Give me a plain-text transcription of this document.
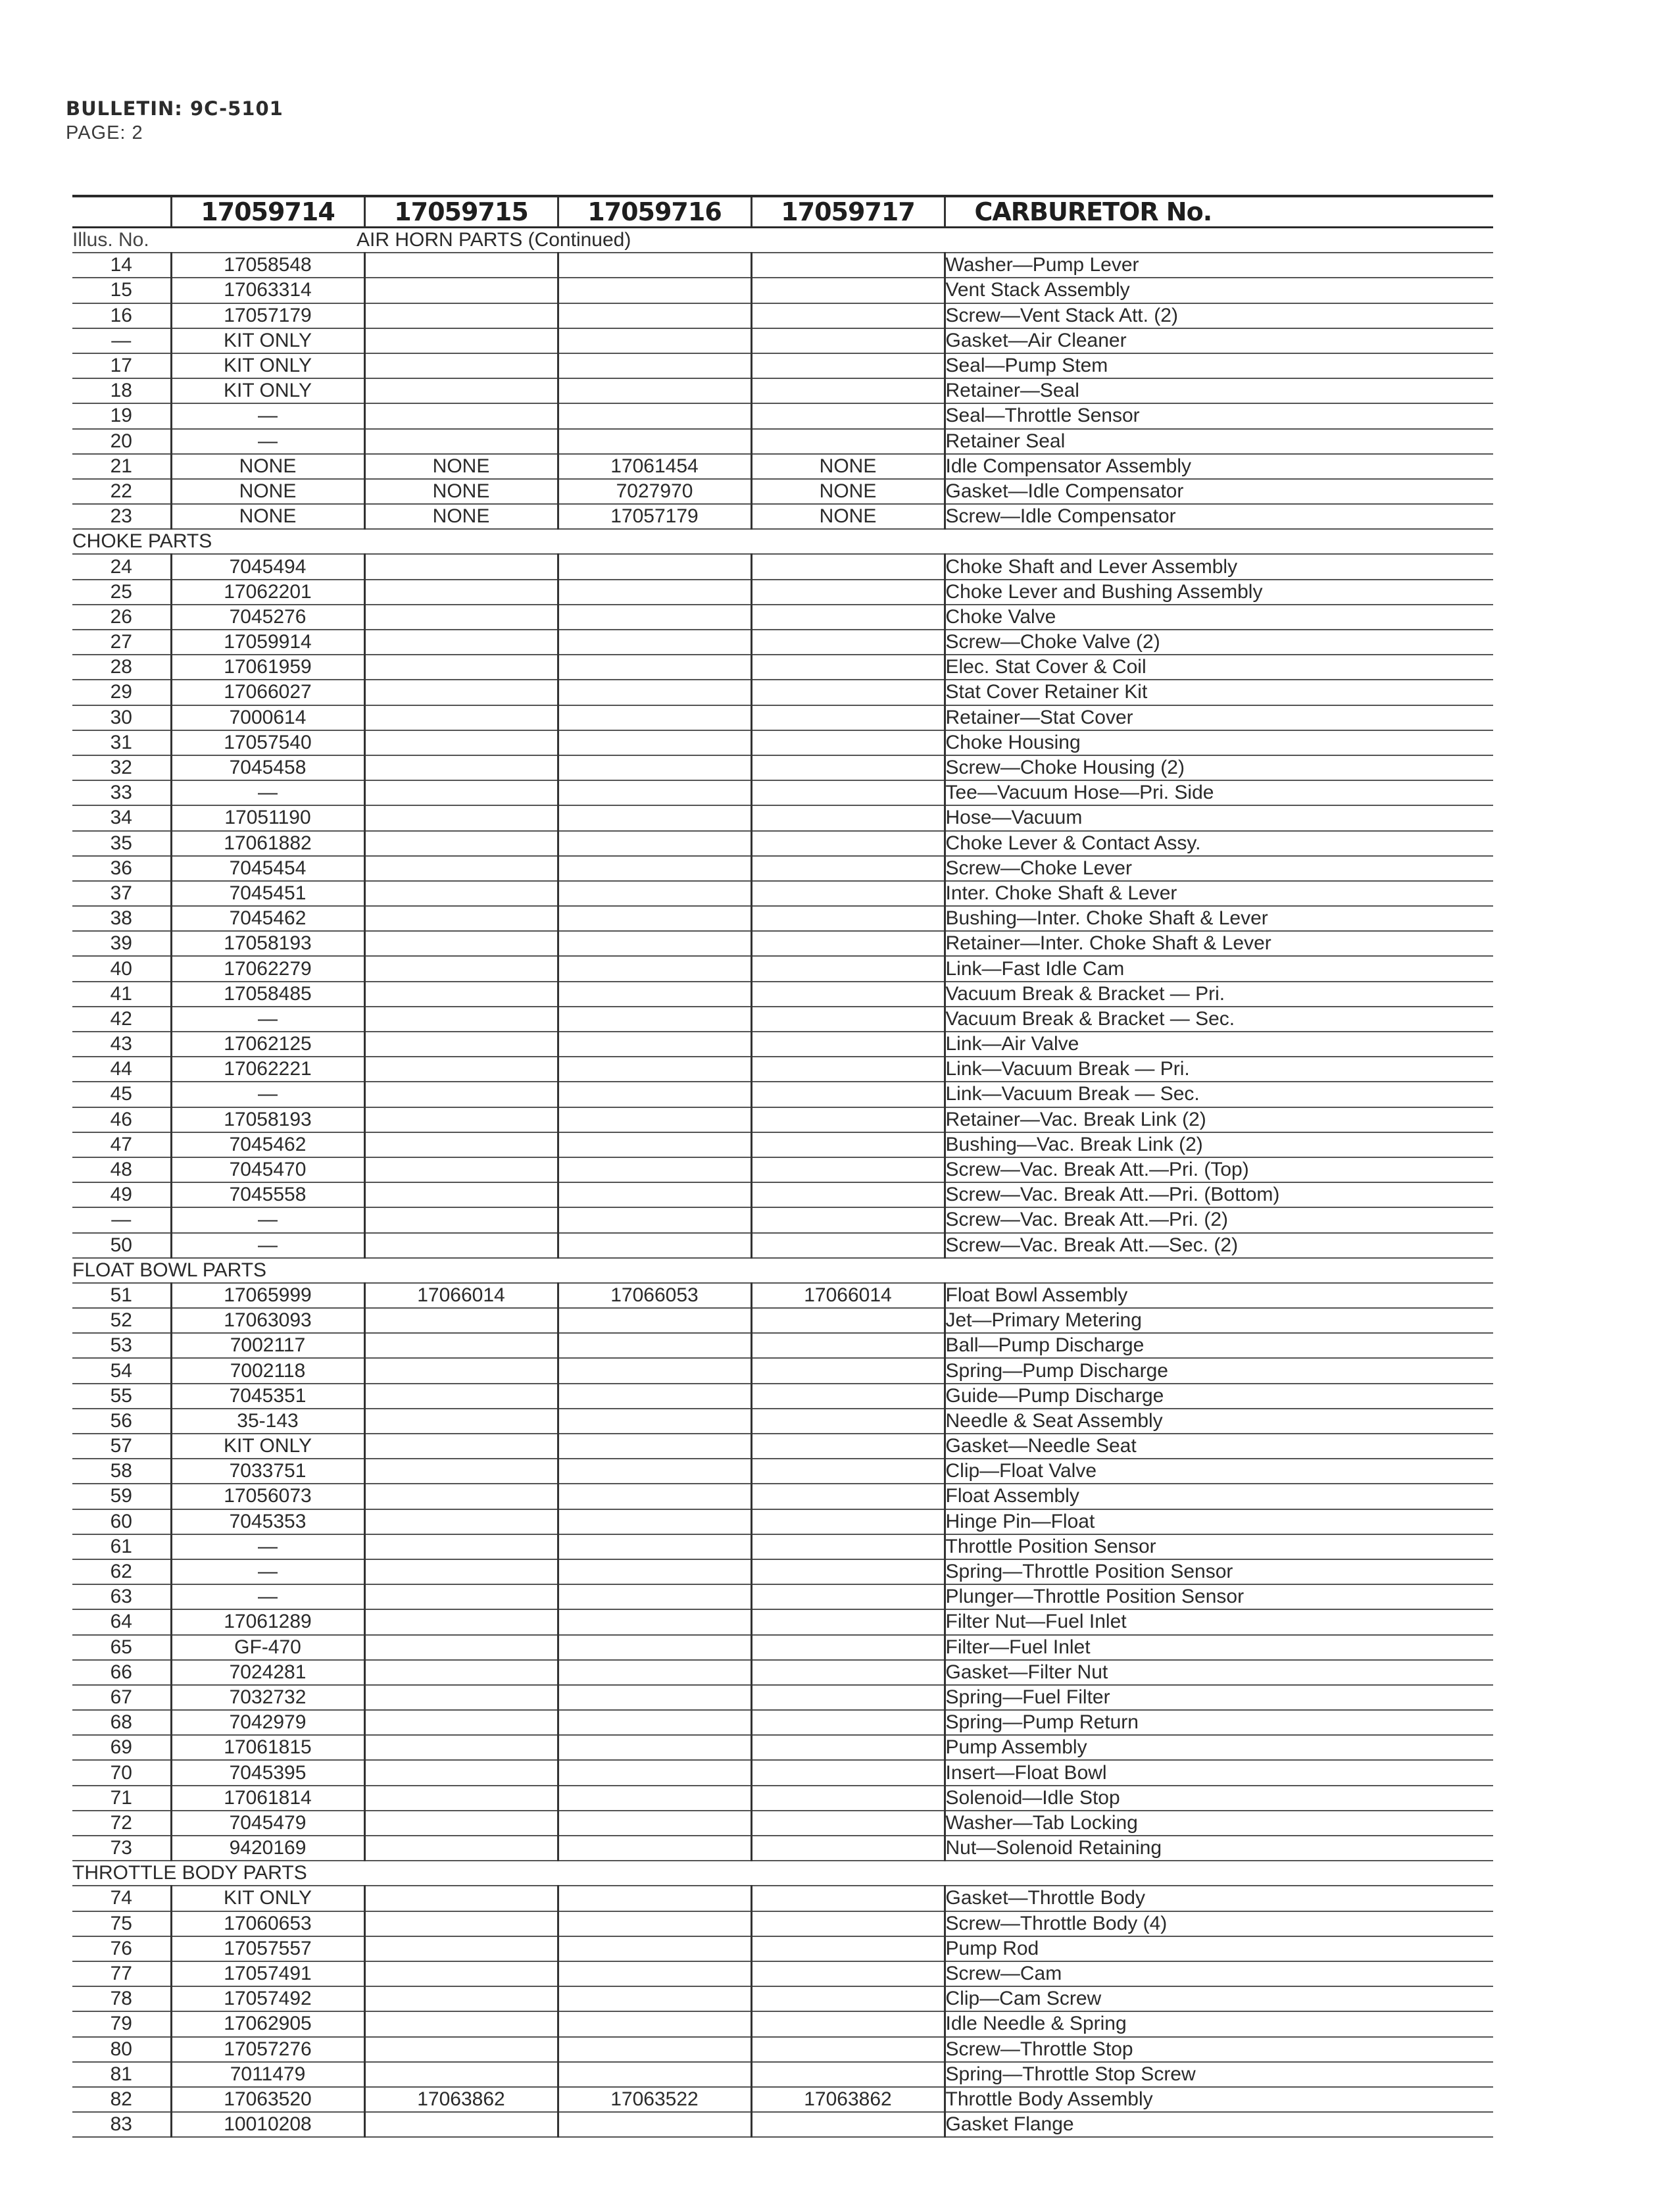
BULLETIN: 9C-5101
PAGE: 2
	17059714	17059715	17059716	17059717	CARBURETOR No.
Illus. No.	AIR HORN PARTS (Continued)				
14	17058548				Washer—Pump Lever
15	17063314				Vent Stack Assembly
16	17057179				Screw—Vent Stack Att. (2)
—	KIT ONLY				Gasket—Air Cleaner
17	KIT ONLY				Seal—Pump Stem
18	KIT ONLY				Retainer—Seal
19	—				Seal—Throttle Sensor
20	—				Retainer Seal
21	NONE	NONE	17061454	NONE	Idle Compensator Assembly
22	NONE	NONE	7027970	NONE	Gasket—Idle Compensator
23	NONE	NONE	17057179	NONE	Screw—Idle Compensator
CHOKE PARTS					
24	7045494				Choke Shaft and Lever Assembly
25	17062201				Choke Lever and Bushing Assembly
26	7045276				Choke Valve
27	17059914				Screw—Choke Valve (2)
28	17061959				Elec. Stat Cover & Coil
29	17066027				Stat Cover Retainer Kit
30	7000614				Retainer—Stat Cover
31	17057540				Choke Housing
32	7045458				Screw—Choke Housing (2)
33	—				Tee—Vacuum Hose—Pri. Side
34	17051190				Hose—Vacuum
35	17061882				Choke Lever & Contact Assy.
36	7045454				Screw—Choke Lever
37	7045451				Inter. Choke Shaft & Lever
38	7045462				Bushing—Inter. Choke Shaft & Lever
39	17058193				Retainer—Inter. Choke Shaft & Lever
40	17062279				Link—Fast Idle Cam
41	17058485				Vacuum Break & Bracket — Pri.
42	—				Vacuum Break & Bracket — Sec.
43	17062125				Link—Air Valve
44	17062221				Link—Vacuum Break — Pri.
45	—				Link—Vacuum Break — Sec.
46	17058193				Retainer—Vac. Break Link (2)
47	7045462				Bushing—Vac. Break Link (2)
48	7045470				Screw—Vac. Break Att.—Pri. (Top)
49	7045558				Screw—Vac. Break Att.—Pri. (Bottom)
—	—				Screw—Vac. Break Att.—Pri. (2)
50	—				Screw—Vac. Break Att.—Sec. (2)
FLOAT BOWL PARTS					
51	17065999	17066014	17066053	17066014	Float Bowl Assembly
52	17063093				Jet—Primary Metering
53	7002117				Ball—Pump Discharge
54	7002118				Spring—Pump Discharge
55	7045351				Guide—Pump Discharge
56	35-143				Needle & Seat Assembly
57	KIT ONLY				Gasket—Needle Seat
58	7033751				Clip—Float Valve
59	17056073				Float Assembly
60	7045353				Hinge Pin—Float
61	—				Throttle Position Sensor
62	—				Spring—Throttle Position Sensor
63	—				Plunger—Throttle Position Sensor
64	17061289				Filter Nut—Fuel Inlet
65	GF-470				Filter—Fuel Inlet
66	7024281				Gasket—Filter Nut
67	7032732				Spring—Fuel Filter
68	7042979				Spring—Pump Return
69	17061815				Pump Assembly
70	7045395				Insert—Float Bowl
71	17061814				Solenoid—Idle Stop
72	7045479				Washer—Tab Locking
73	9420169				Nut—Solenoid Retaining
THROTTLE BODY PARTS					
74	KIT ONLY				Gasket—Throttle Body
75	17060653				Screw—Throttle Body (4)
76	17057557				Pump Rod
77	17057491				Screw—Cam
78	17057492				Clip—Cam Screw
79	17062905				Idle Needle & Spring
80	17057276				Screw—Throttle Stop
81	7011479				Spring—Throttle Stop Screw
82	17063520	17063862	17063522	17063862	Throttle Body Assembly
83	10010208				Gasket Flange
